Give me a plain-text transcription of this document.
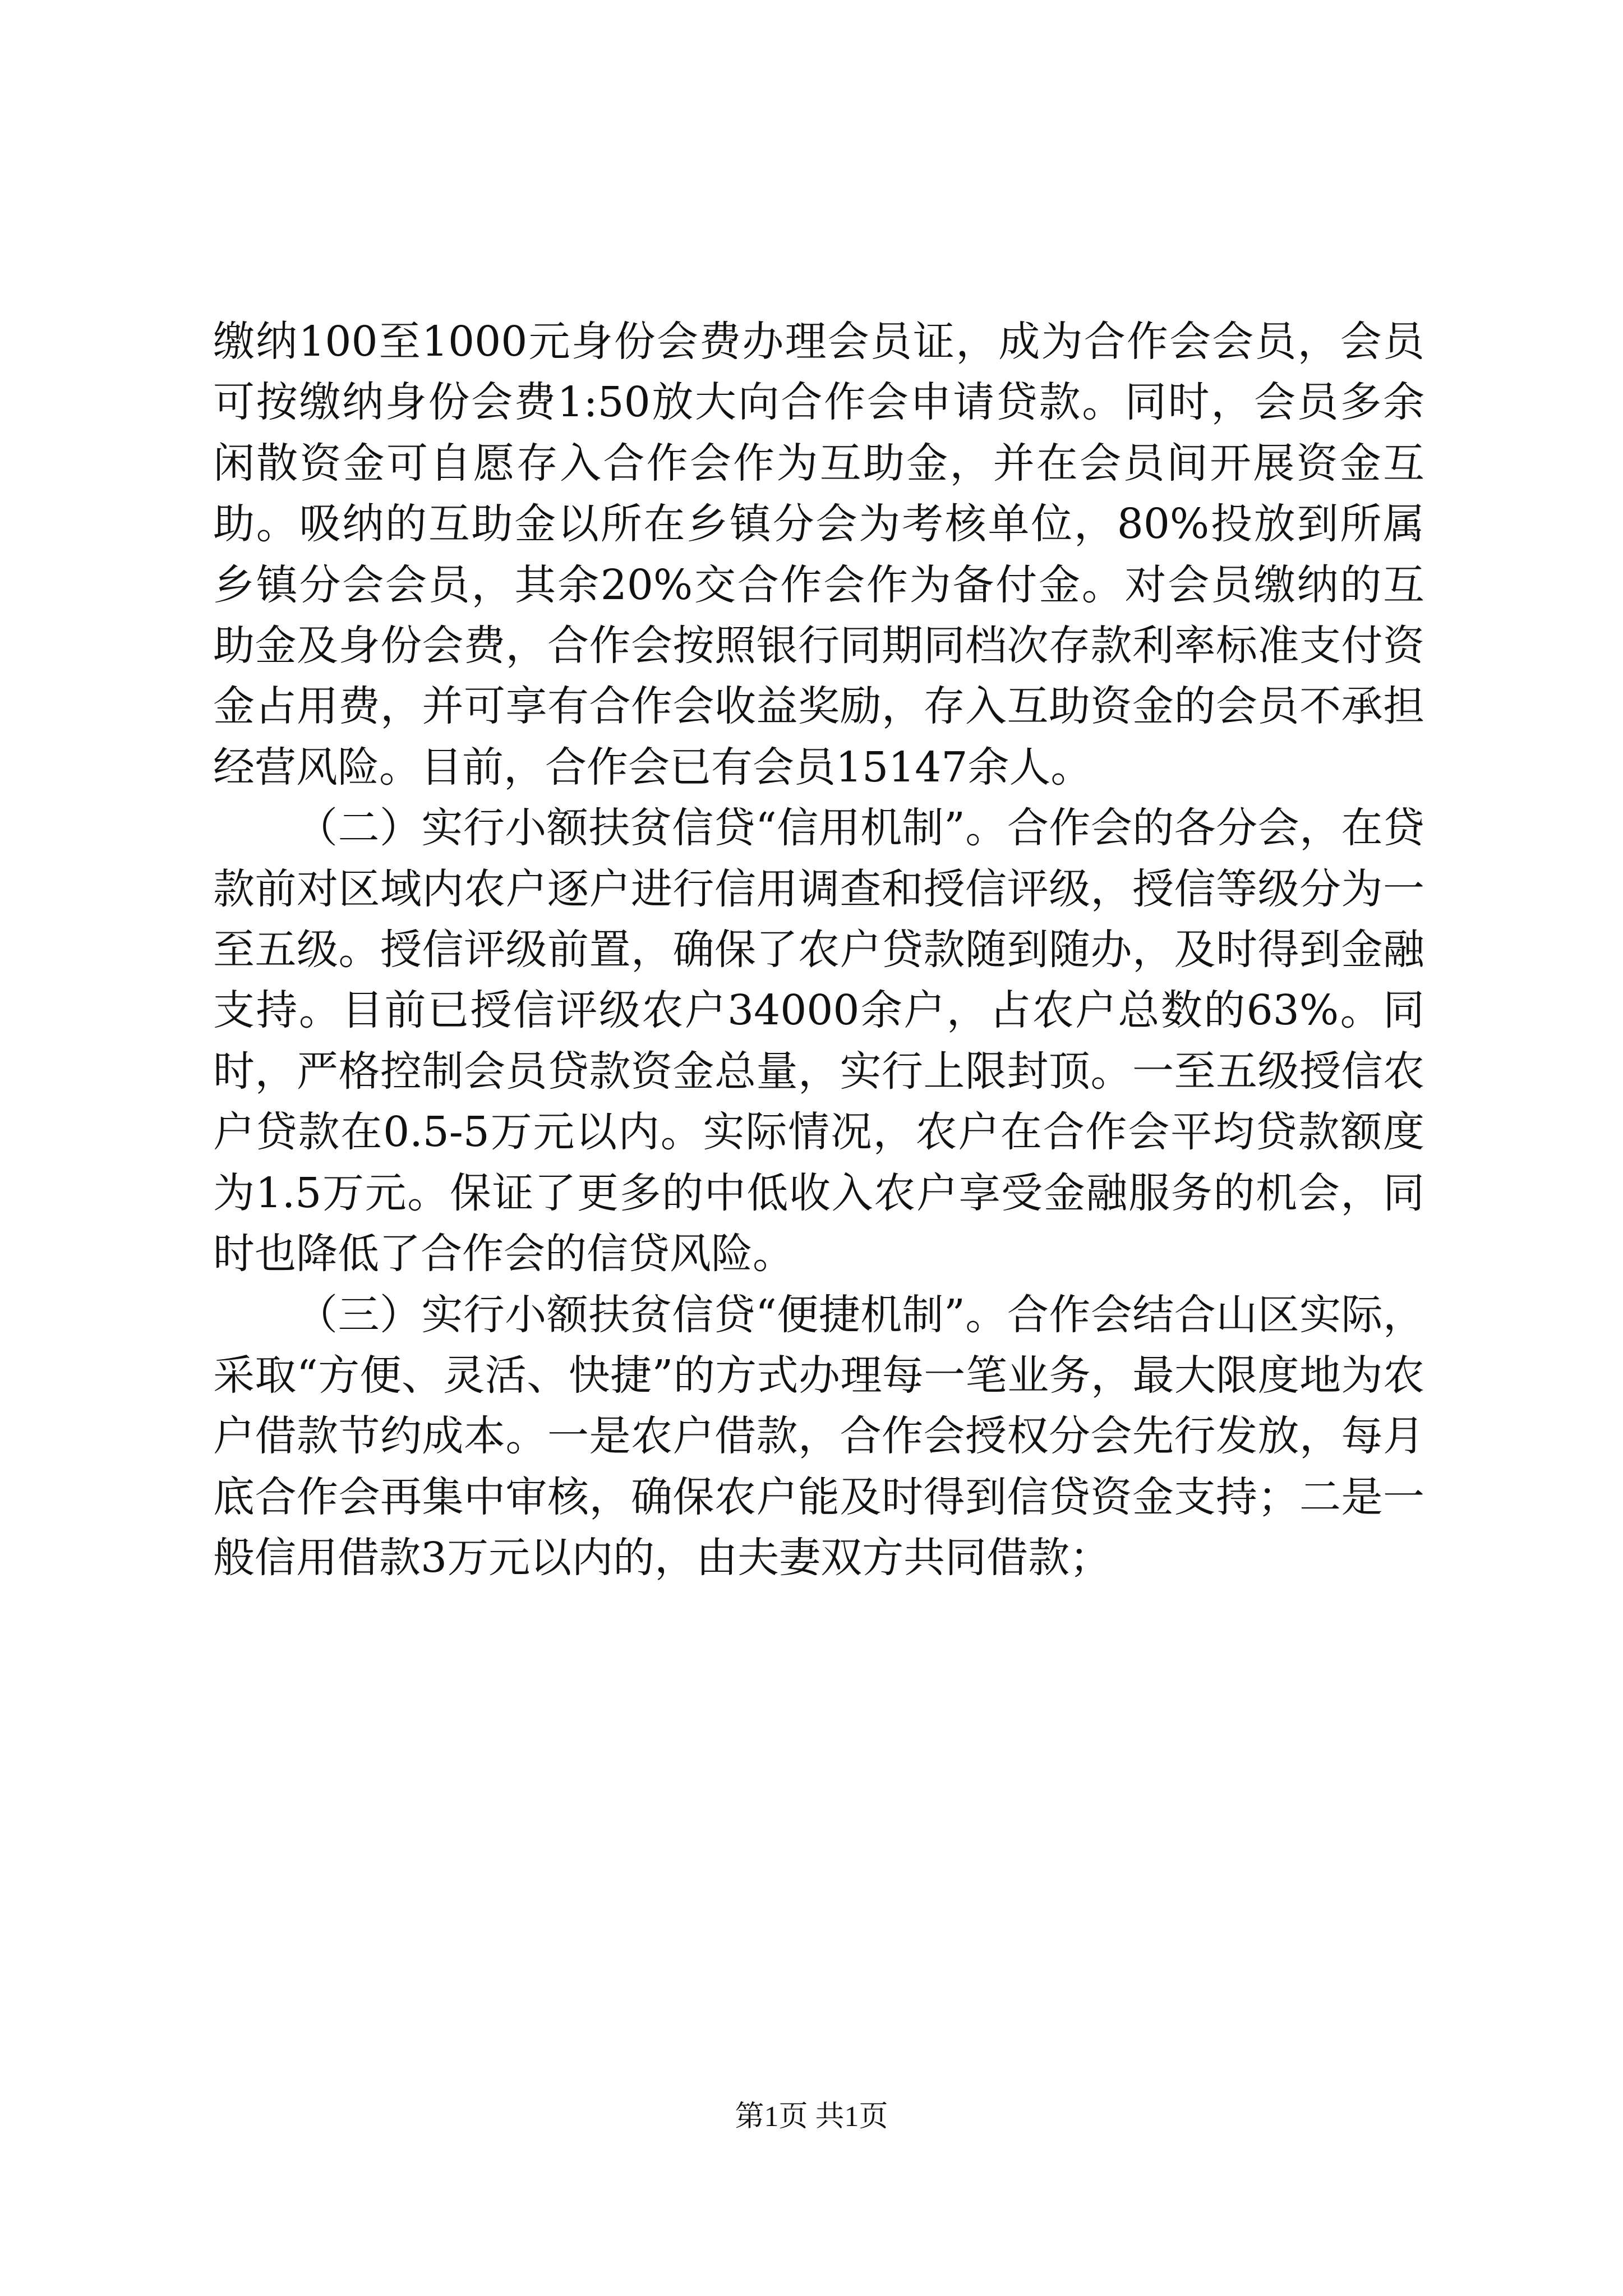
缴纳100至1000元身份会费办理会员证，成为合作会会员，会员可按缴纳身份会费1:50放大向合作会申请贷款。同时，会员多余闲散资金可自愿存入合作会作为互助金，并在会员间开展资金互助。吸纳的互助金以所在乡镇分会为考核单位，80%投放到所属乡镇分会会员，其余20%交合作会作为备付金。对会员缴纳的互助金及身份会费，合作会按照银行同期同档次存款利率标准支付资金占用费，并可享有合作会收益奖励，存入互助资金的会员不承担经营风险。目前，合作会已有会员15147余人。

（二）实行小额扶贫信贷“信用机制”。合作会的各分会，在贷款前对区域内农户逐户进行信用调查和授信评级，授信等级分为一至五级。授信评级前置，确保了农户贷款随到随办，及时得到金融支持。目前已授信评级农户34000余户，占农户总数的63%。同时，严格控制会员贷款资金总量，实行上限封顶。一至五级授信农户贷款在0.5-5万元以内。实际情况，农户在合作会平均贷款额度为1.5万元。保证了更多的中低收入农户享受金融服务的机会，同时也降低了合作会的信贷风险。

（三）实行小额扶贫信贷“便捷机制”。合作会结合山区实际，采取“方便、灵活、快捷”的方式办理每一笔业务，最大限度地为农户借款节约成本。一是农户借款，合作会授权分会先行发放，每月底合作会再集中审核，确保农户能及时得到信贷资金支持；二是一般信用借款3万元以内的，由夫妻双方共同借款；

第1页 共1页
